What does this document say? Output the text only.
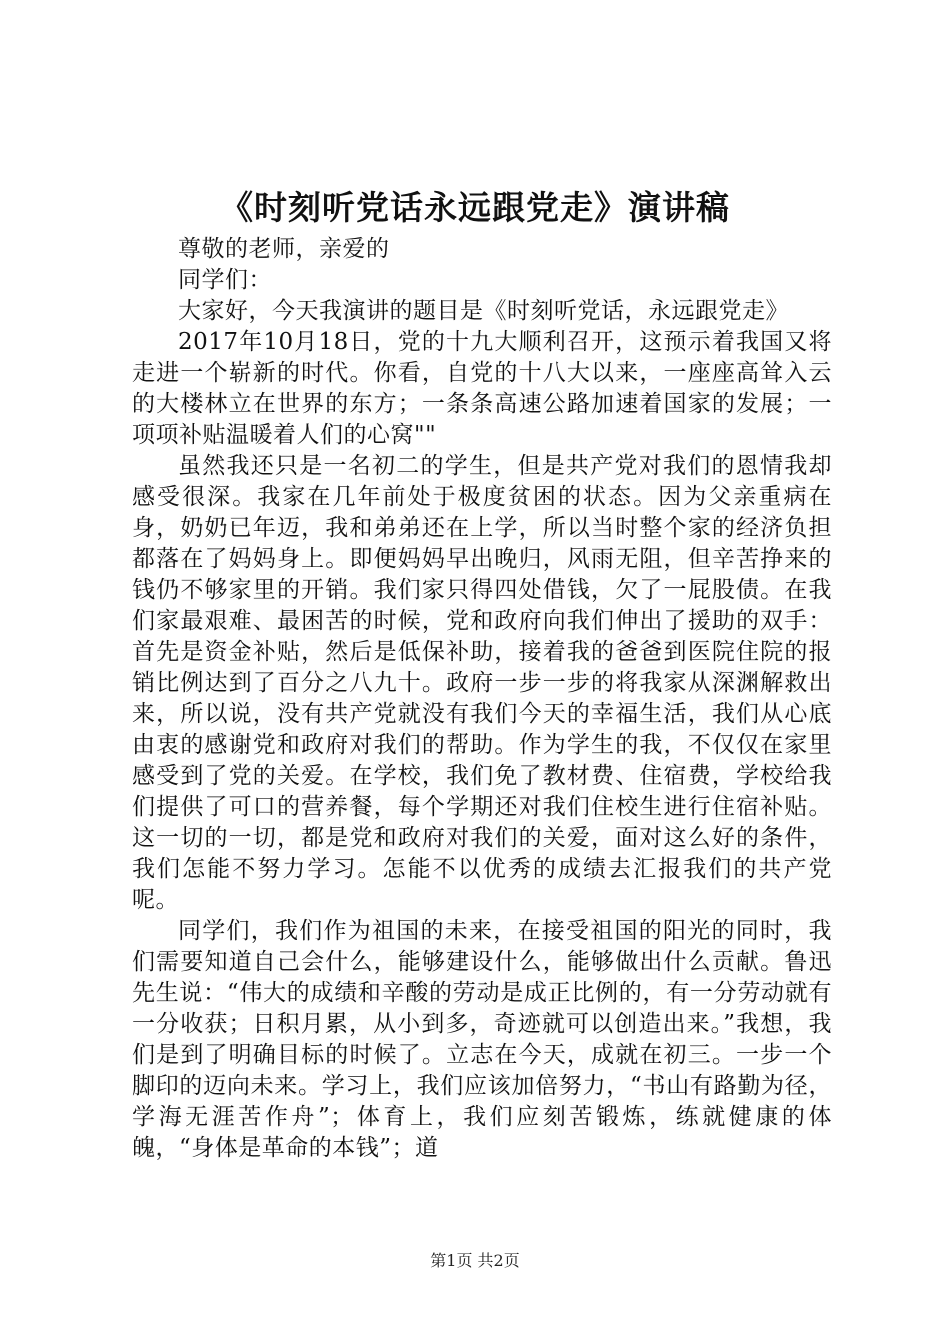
《时刻听党话永远跟党走》演讲稿

尊敬的老师，亲爱的

同学们：

大家好，今天我演讲的题目是《时刻听党话，永远跟党走》

2017年10月18日，党的十九大顺利召开，这预示着我国又将走进一个崭新的时代。你看，自党的十八大以来，一座座高耸入云的大楼林立在世界的东方；一条条高速公路加速着国家的发展；一项项补贴温暖着人们的心窝""

虽然我还只是一名初二的学生，但是共产党对我们的恩情我却感受很深。我家在几年前处于极度贫困的状态。因为父亲重病在身，奶奶已年迈，我和弟弟还在上学，所以当时整个家的经济负担都落在了妈妈身上。即便妈妈早出晚归，风雨无阻，但辛苦挣来的钱仍不够家里的开销。我们家只得四处借钱，欠了一屁股债。在我们家最艰难、最困苦的时候，党和政府向我们伸出了援助的双手：首先是资金补贴，然后是低保补助，接着我的爸爸到医院住院的报销比例达到了百分之八九十。政府一步一步的将我家从深渊解救出来，所以说，没有共产党就没有我们今天的幸福生活，我们从心底由衷的感谢党和政府对我们的帮助。作为学生的我，不仅仅在家里感受到了党的关爱。在学校，我们免了教材费、住宿费，学校给我们提供了可口的营养餐，每个学期还对我们住校生进行住宿补贴。这一切的一切，都是党和政府对我们的关爱，面对这么好的条件，我们怎能不努力学习。怎能不以优秀的成绩去汇报我们的共产党呢。

同学们，我们作为祖国的未来，在接受祖国的阳光的同时，我们需要知道自己会什么，能够建设什么，能够做出什么贡献。鲁迅先生说：“伟大的成绩和辛酸的劳动是成正比例的，有一分劳动就有一分收获；日积月累，从小到多，奇迹就可以创造出来。”我想，我们是到了明确目标的时候了。立志在今天，成就在初三。一步一个脚印的迈向未来。学习上，我们应该加倍努力，“书山有路勤为径，学海无涯苦作舟”；体育上，我们应刻苦锻炼，练就健康的体魄，“身体是革命的本钱”；道

第1页 共2页
